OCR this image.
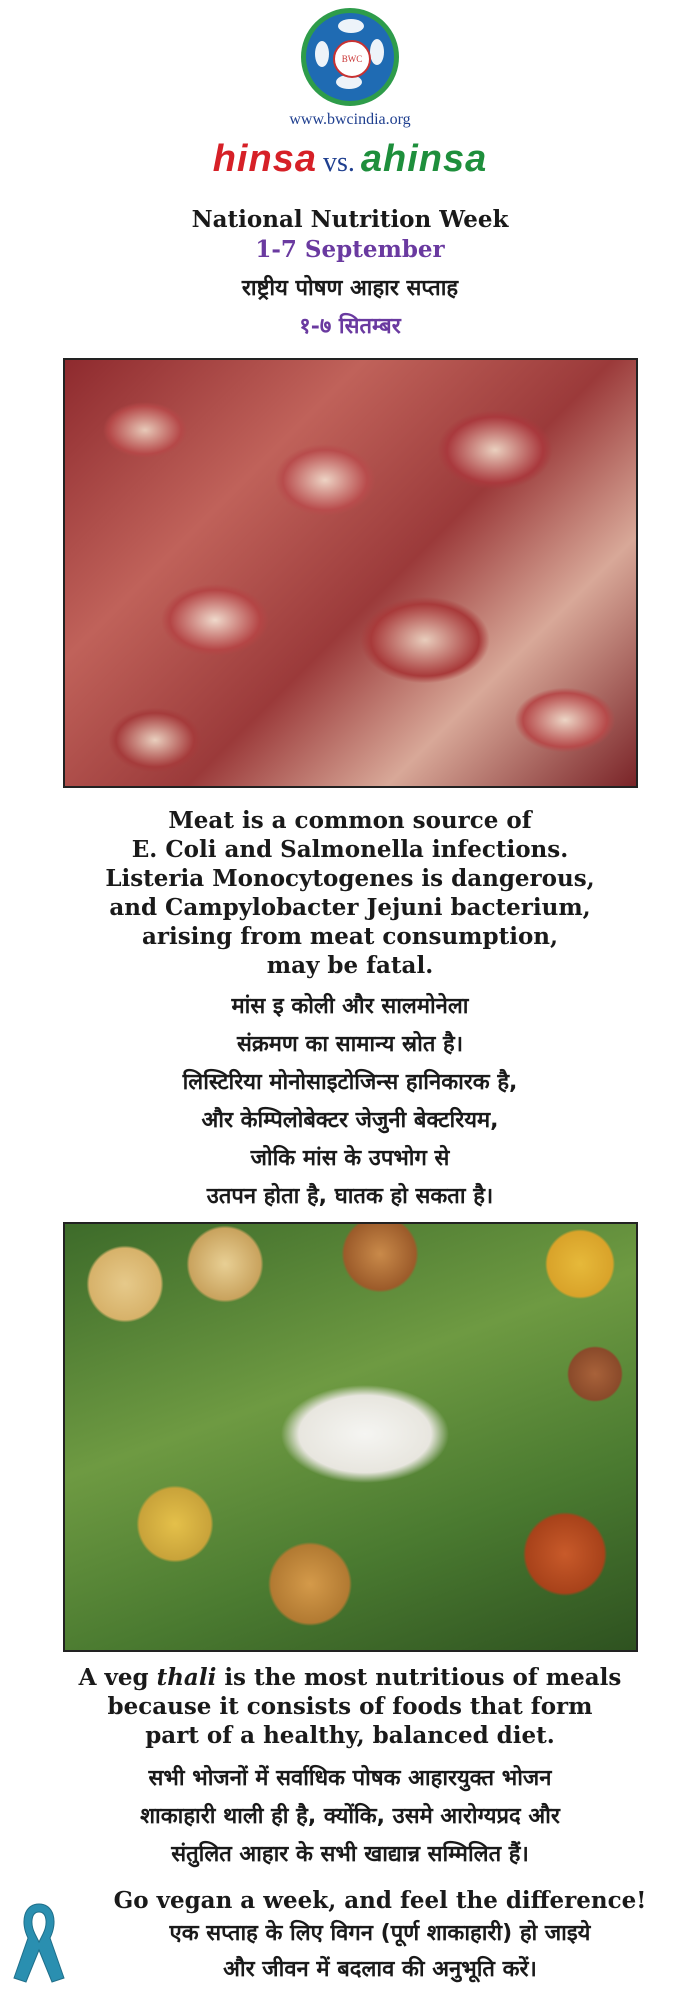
BWC
www.bwcindia.org
hinsa vs. ahinsa
National Nutrition Week
1-7 September
राष्ट्रीय पोषण आहार सप्ताह
१-७ सितम्बर
Meat is a common source of
E. Coli and Salmonella infections.
Listeria Monocytogenes is dangerous,
and Campylobacter Jejuni bacterium,
arising from meat consumption,
may be fatal.
मांस इ कोली और सालमोनेला
संक्रमण का सामान्य स्रोत है।
लिस्टिरिया मोनोसाइटोजिन्स हानिकारक है,
और केम्पिलोबेक्टर जेजुनी बेक्टरियम,
जोकि मांस के उपभोग से
उतपन होता है, घातक हो सकता है।
A veg thali is the most nutritious of meals
because it consists of foods that form
part of a healthy, balanced diet.
सभी भोजनों में सर्वाधिक पोषक आहारयुक्त भोजन
शाकाहारी थाली ही है, क्योंकि, उसमे आरोग्यप्रद और
संतुलित आहार के सभी खाद्यान्न सम्मिलित हैं।
Go vegan a week, and feel the difference!
एक सप्ताह के लिए विगन (पूर्ण शाकाहारी) हो जाइये
और जीवन में बदलाव की अनुभूति करें।
